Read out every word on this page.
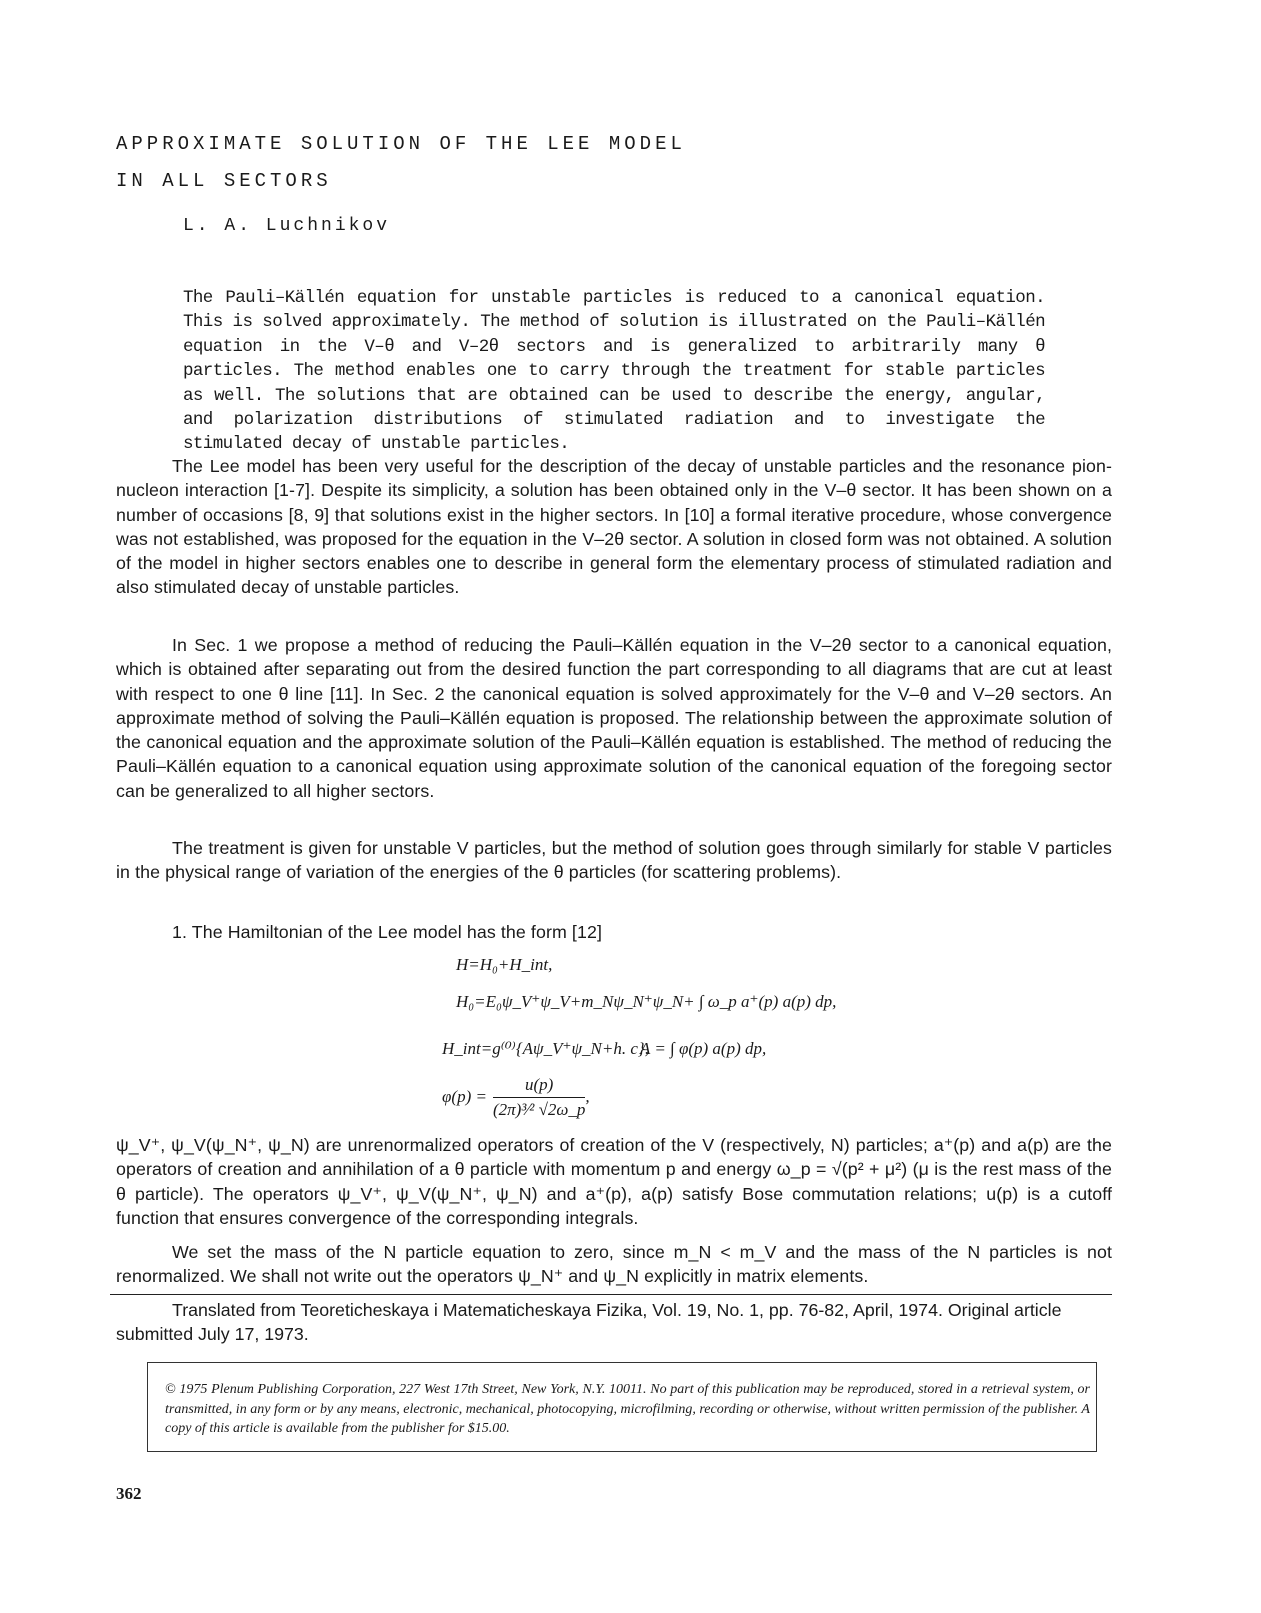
APPROXIMATE SOLUTION OF THE LEE MODEL
IN ALL SECTORS
L. A. Luchnikov
The Pauli–Källén equation for unstable particles is reduced to a canonical equation. This is solved approximately. The method of solution is illustrated on the Pauli–Källén equation in the V–θ and V–2θ sectors and is generalized to arbitrarily many θ particles. The method enables one to carry through the treatment for stable particles as well. The solutions that are obtained can be used to describe the energy, angular, and polarization distributions of stimulated radiation and to investigate the stimulated decay of unstable particles.
The Lee model has been very useful for the description of the decay of unstable particles and the resonance pion-nucleon interaction [1-7]. Despite its simplicity, a solution has been obtained only in the V–θ sector. It has been shown on a number of occasions [8, 9] that solutions exist in the higher sectors. In [10] a formal iterative procedure, whose convergence was not established, was proposed for the equation in the V–2θ sector. A solution in closed form was not obtained. A solution of the model in higher sectors enables one to describe in general form the elementary process of stimulated radiation and also stimulated decay of unstable particles.
In Sec. 1 we propose a method of reducing the Pauli–Källén equation in the V–2θ sector to a canonical equation, which is obtained after separating out from the desired function the part corresponding to all diagrams that are cut at least with respect to one θ line [11]. In Sec. 2 the canonical equation is solved approximately for the V–θ and V–2θ sectors. An approximate method of solving the Pauli–Källén equation is proposed. The relationship between the approximate solution of the canonical equation and the approximate solution of the Pauli–Källén equation is established. The method of reducing the Pauli–Källén equation to a canonical equation using approximate solution of the canonical equation of the foregoing sector can be generalized to all higher sectors.
The treatment is given for unstable V particles, but the method of solution goes through similarly for stable V particles in the physical range of variation of the energies of the θ particles (for scattering problems).
1. The Hamiltonian of the Lee model has the form [12]
H=H₀+H_int,
H₀=E₀ψ_V⁺ψ_V+m_Nψ_N⁺ψ_N+ ∫ ω_p a⁺(p) a(p) dp,
H_int=g⁽⁰⁾{Aψ_V⁺ψ_N+h. c},
A = ∫ φ(p) a(p) dp,
$\varphi(p) = \frac{u(p)}{\text{(2π)³⁄² √2ω\_p}}$ ,
ψ_V⁺, ψ_V(ψ_N⁺, ψ_N) are unrenormalized operators of creation of the V (respectively, N) particles; a⁺(p) and a(p) are the operators of creation and annihilation of a θ particle with momentum p and energy ω_p = √(p² + μ²) (μ is the rest mass of the θ particle). The operators ψ_V⁺, ψ_V(ψ_N⁺, ψ_N) and a⁺(p), a(p) satisfy Bose commutation relations; u(p) is a cutoff function that ensures convergence of the corresponding integrals.
We set the mass of the N particle equation to zero, since m_N < m_V and the mass of the N particles is not renormalized. We shall not write out the operators ψ_N⁺ and ψ_N explicitly in matrix elements.
Translated from Teoreticheskaya i Matematicheskaya Fizika, Vol. 19, No. 1, pp. 76-82, April, 1974. Original article submitted July 17, 1973.
© 1975 Plenum Publishing Corporation, 227 West 17th Street, New York, N.Y. 10011. No part of this publication may be reproduced, stored in a retrieval system, or transmitted, in any form or by any means, electronic, mechanical, photocopying, microfilming, recording or otherwise, without written permission of the publisher. A copy of this article is available from the publisher for $15.00.
362
